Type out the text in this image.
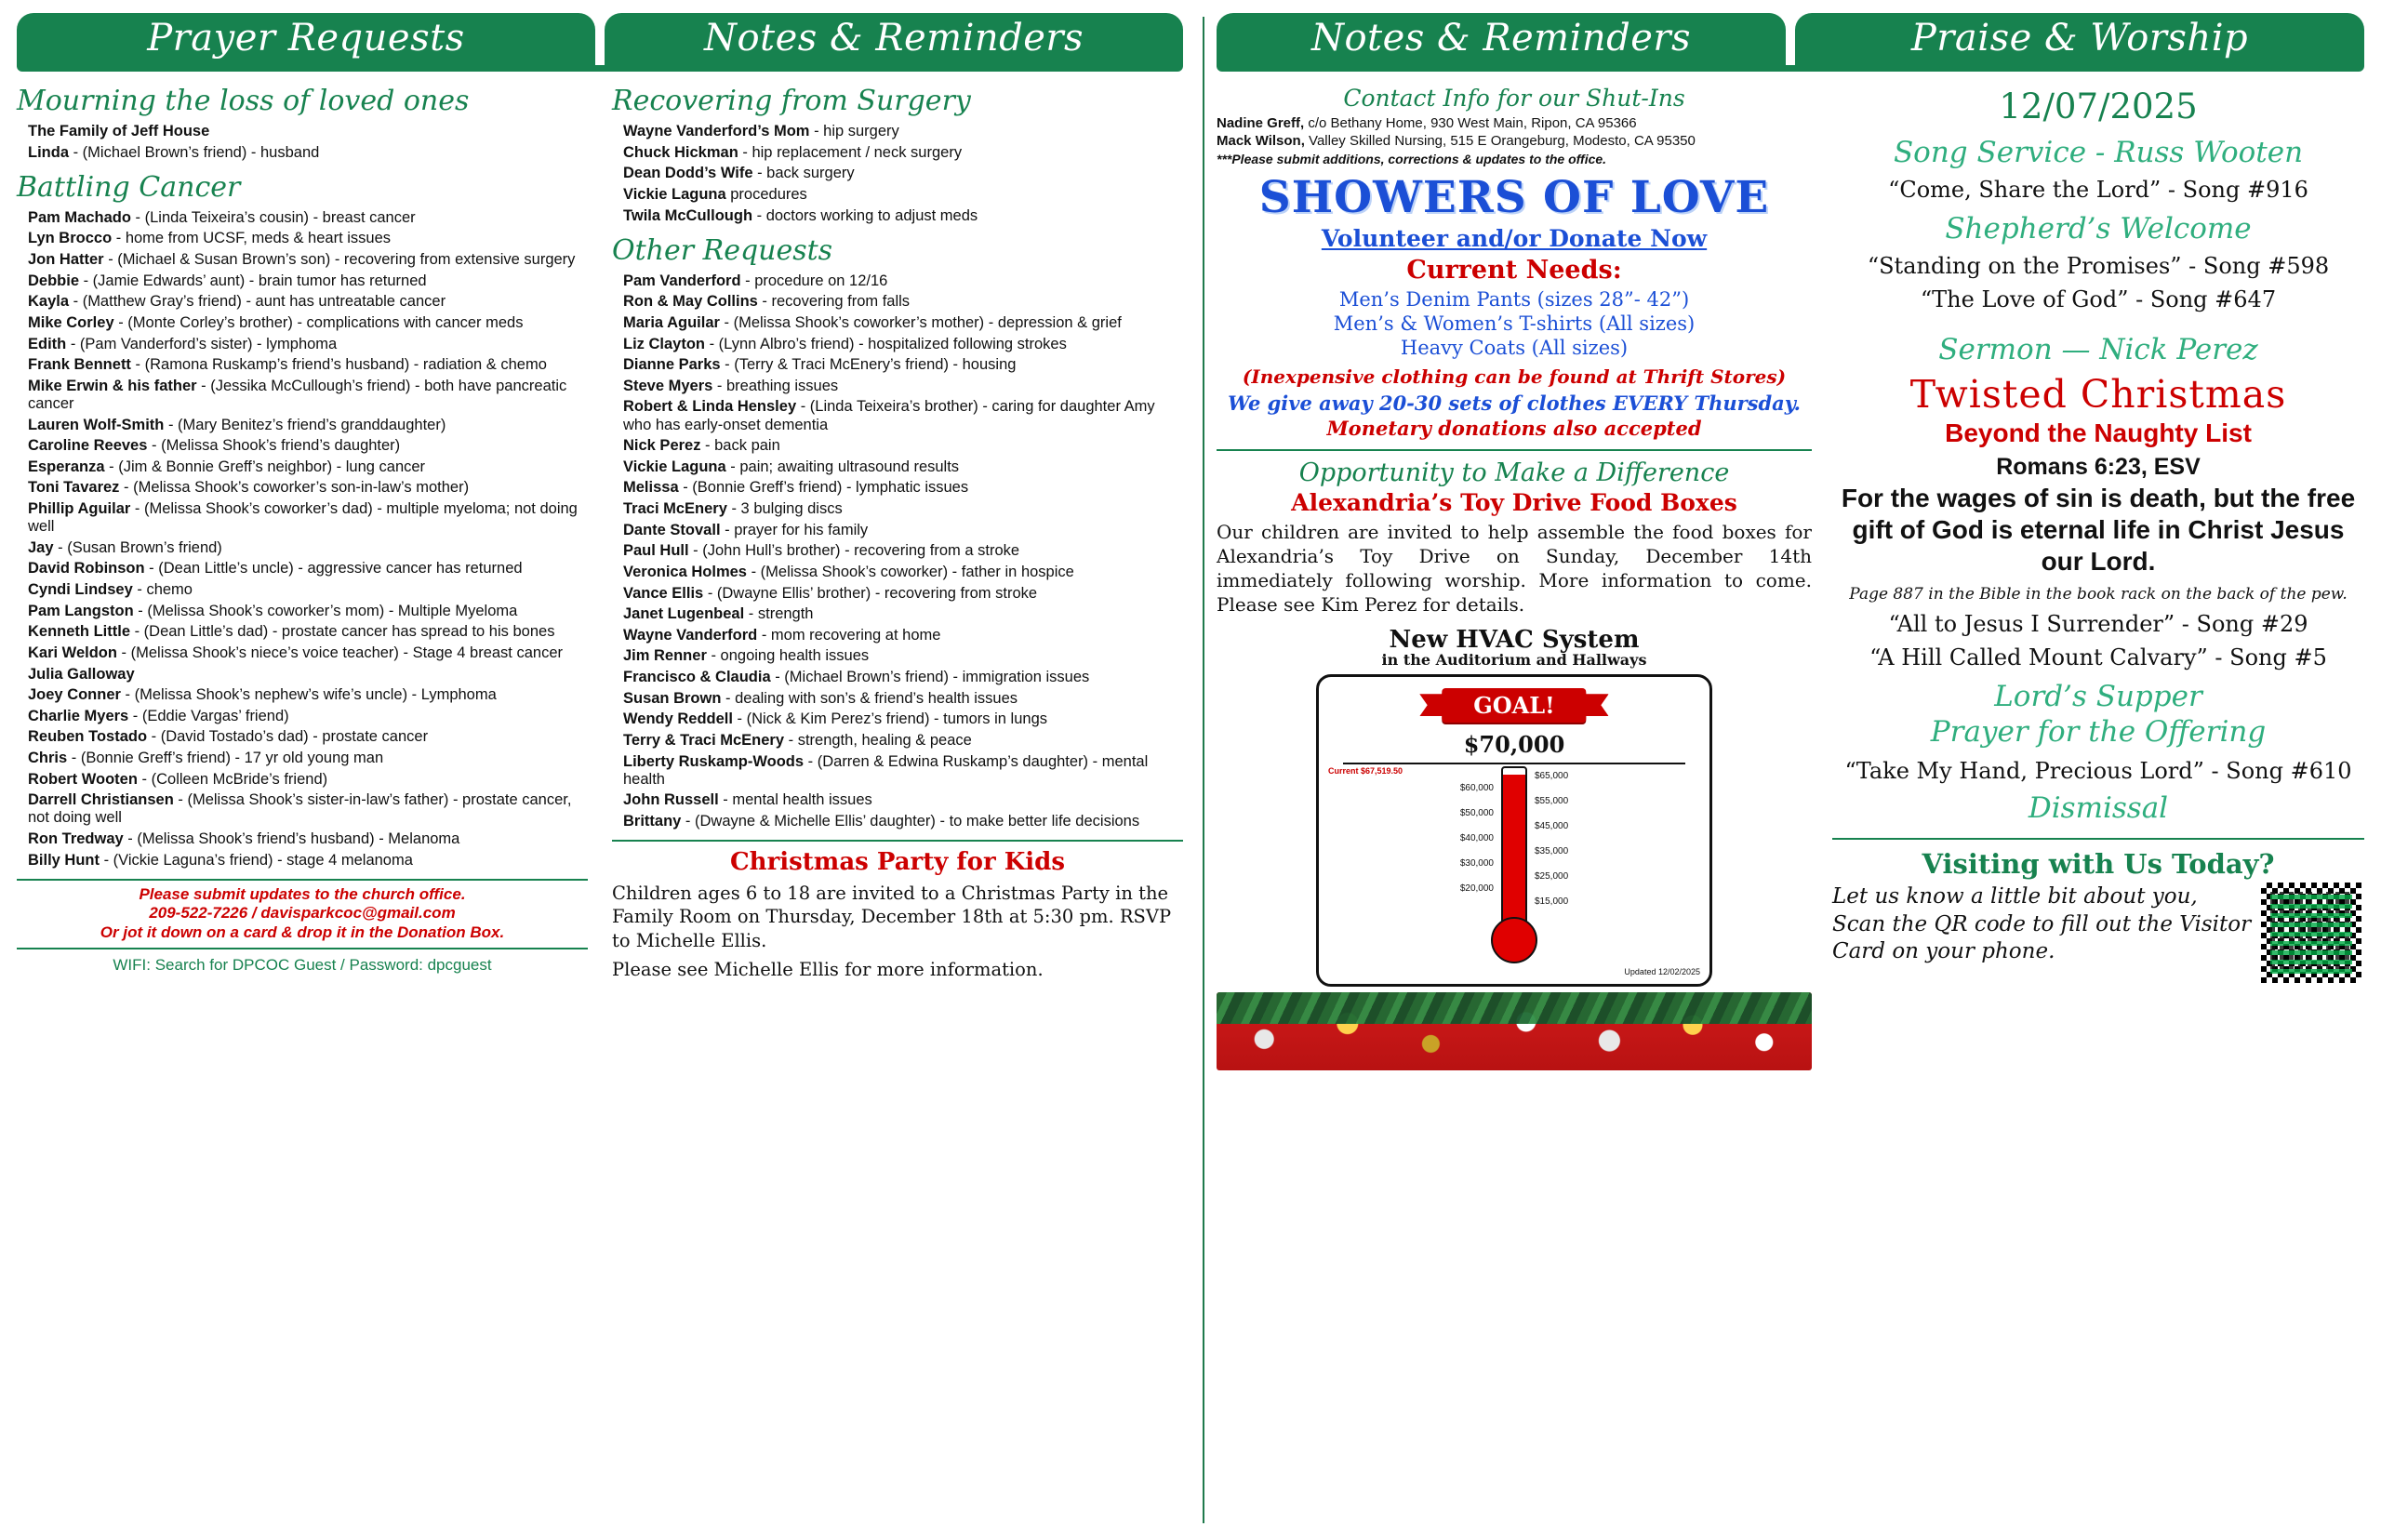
Prayer Requests	Notes & Reminders
Mourning the loss of loved ones
The Family of Jeff House
Linda - (Michael Brown’s friend) - husband
Battling Cancer
Pam Machado - (Linda Teixeira’s cousin) - breast cancer
Lyn Brocco - home from UCSF, meds & heart issues
Jon Hatter - (Michael & Susan Brown’s son) - recovering from extensive surgery
Debbie - (Jamie Edwards’ aunt) - brain tumor has returned
Kayla - (Matthew Gray’s friend) - aunt has untreatable cancer
Mike Corley - (Monte Corley’s brother) - complications with cancer meds
Edith - (Pam Vanderford’s sister) - lymphoma
Frank Bennett - (Ramona Ruskamp’s friend’s husband) - radiation & chemo
Mike Erwin & his father - (Jessika McCullough’s friend) - both have pancreatic cancer
Lauren Wolf-Smith - (Mary Benitez’s friend’s granddaughter)
Caroline Reeves - (Melissa Shook’s friend’s daughter)
Esperanza - (Jim & Bonnie Greff’s neighbor) - lung cancer
Toni Tavarez - (Melissa Shook’s coworker’s son-in-law’s mother)
Phillip Aguilar - (Melissa Shook’s coworker’s dad) - multiple myeloma; not doing well
Jay - (Susan Brown’s friend)
David Robinson - (Dean Little’s uncle) - aggressive cancer has returned
Cyndi Lindsey - chemo
Pam Langston - (Melissa Shook’s coworker’s mom) - Multiple Myeloma
Kenneth Little - (Dean Little’s dad) - prostate cancer has spread to his bones
Kari Weldon - (Melissa Shook’s niece’s voice teacher) - Stage 4 breast cancer
Julia Galloway
Joey Conner - (Melissa Shook’s nephew’s wife’s uncle) - Lymphoma
Charlie Myers - (Eddie Vargas’ friend)
Reuben Tostado - (David Tostado’s dad) - prostate cancer
Chris - (Bonnie Greff’s friend) - 17 yr old young man
Robert Wooten - (Colleen McBride’s friend)
Darrell Christiansen - (Melissa Shook’s sister-in-law’s father) - prostate cancer, not doing well
Ron Tredway - (Melissa Shook’s friend’s husband) - Melanoma
Billy Hunt - (Vickie Laguna’s friend) - stage 4 melanoma
Please submit updates to the church office.
209-522-7226 / davisparkcoc@gmail.com
Or jot it down on a card & drop it in the Donation Box.
WIFI: Search for DPCOC Guest / Password: dpcguest
Recovering from Surgery
Wayne Vanderford’s Mom - hip surgery
Chuck Hickman - hip replacement / neck surgery
Dean Dodd’s Wife - back surgery
Vickie Laguna procedures
Twila McCullough - doctors working to adjust meds
Other Requests
Pam Vanderford - procedure on 12/16
Ron & May Collins - recovering from falls
Maria Aguilar - (Melissa Shook’s coworker’s mother) - depression & grief
Liz Clayton - (Lynn Albro’s friend) - hospitalized following strokes
Dianne Parks - (Terry & Traci McEnery’s friend) - housing
Steve Myers - breathing issues
Robert & Linda Hensley - (Linda Teixeira’s brother) - caring for daughter Amy who has early-onset dementia
Nick Perez - back pain
Vickie Laguna - pain; awaiting ultrasound results
Melissa - (Bonnie Greff’s friend) - lymphatic issues
Traci McEnery - 3 bulging discs
Dante Stovall - prayer for his family
Paul Hull - (John Hull’s brother) - recovering from a stroke
Veronica Holmes - (Melissa Shook’s coworker) - father in hospice
Vance Ellis - (Dwayne Ellis’ brother) - recovering from stroke
Janet Lugenbeal - strength
Wayne Vanderford - mom recovering at home
Jim Renner - ongoing health issues
Francisco & Claudia - (Michael Brown’s friend) - immigration issues
Susan Brown - dealing with son’s & friend’s health issues
Wendy Reddell - (Nick & Kim Perez’s friend) - tumors in lungs
Terry & Traci McEnery - strength, healing & peace
Liberty Ruskamp-Woods - (Darren & Edwina Ruskamp’s daughter) - mental health
John Russell - mental health issues
Brittany - (Dwayne & Michelle Ellis’ daughter) - to make better life decisions
Christmas Party for Kids
Children ages 6 to 18 are invited to a Christmas Party in the Family Room on Thursday, December 18th at 5:30 pm. RSVP to Michelle Ellis.
Please see Michelle Ellis for more information.
Notes & Reminders	Praise & Worship
Contact Info for our Shut-Ins
Nadine Greff, c/o Bethany Home, 930 West Main, Ripon, CA 95366
Mack Wilson, Valley Skilled Nursing, 515 E Orangeburg, Modesto, CA 95350
***Please submit additions, corrections & updates to the office.
SHOWERS OF LOVE
Volunteer and/or Donate Now
Current Needs:
Men’s Denim Pants (sizes 28”- 42”)
Men’s & Women’s T-shirts (All sizes)
Heavy Coats (All sizes)
(Inexpensive clothing can be found at Thrift Stores)
We give away 20-30 sets of clothes EVERY Thursday.
Monetary donations also accepted
Opportunity to Make a Difference
Alexandria’s Toy Drive Food Boxes
Our children are invited to help assemble the food boxes for Alexandria’s Toy Drive on Sunday, December 14th immediately following worship. More information to come. Please see Kim Perez for details.
New HVAC System
in the Auditorium and Hallways
GOAL!
$70,000
Current $67,519.50
$60,000
$50,000
$40,000
$30,000
$20,000
$65,000
$55,000
$45,000
$35,000
$25,000
$15,000
Updated 12/02/2025
12/07/2025
Song Service - Russ Wooten
“Come, Share the Lord” - Song #916
Shepherd’s Welcome
“Standing on the Promises” - Song #598
“The Love of God” - Song #647
Sermon — Nick Perez
Twisted Christmas
Beyond the Naughty List
Romans 6:23, ESV
For the wages of sin is death, but the free gift of God is eternal life in Christ Jesus our Lord.
Page 887 in the Bible in the book rack on the back of the pew.
“All to Jesus I Surrender” - Song #29
“A Hill Called Mount Calvary” - Song #5
Lord’s Supper
Prayer for the Offering
“Take My Hand, Precious Lord” - Song #610
Dismissal
Visiting with Us Today?
Let us know a little bit about you, Scan the QR code to fill out the Visitor Card on your phone.
